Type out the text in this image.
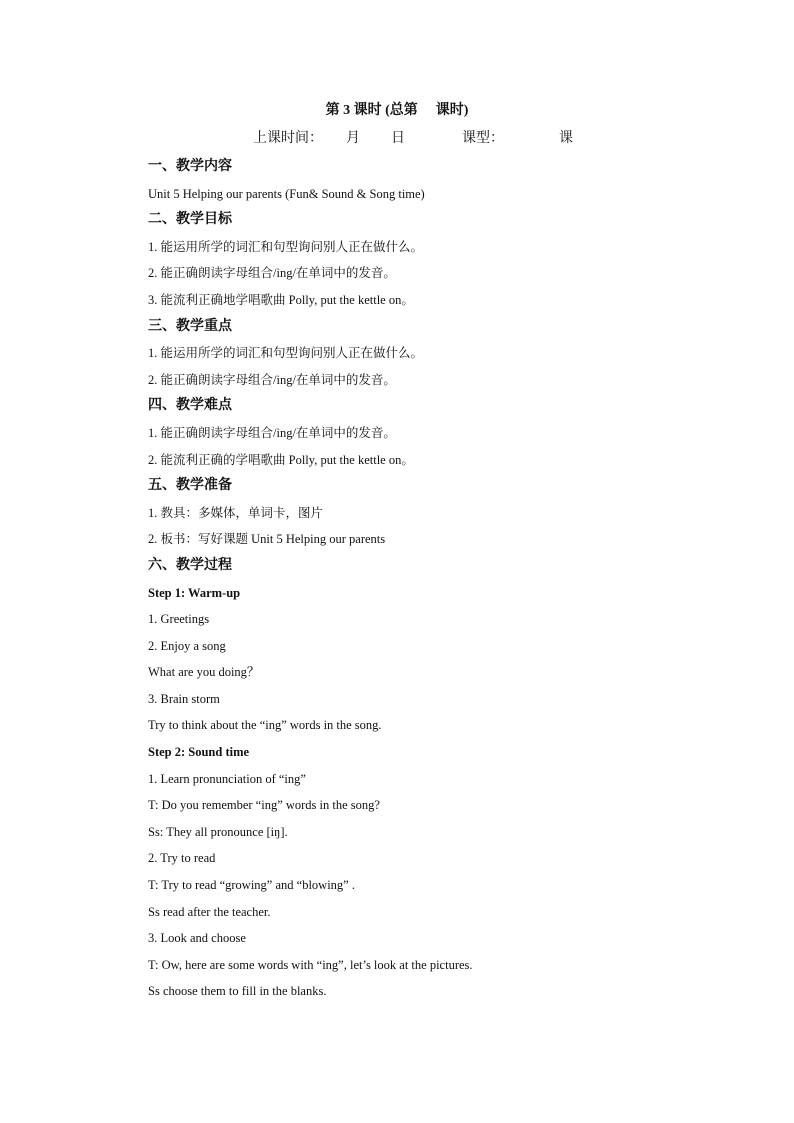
第 3 课时 (总第 课时)
上课时间： 月 日	课型：	课
一、教学内容
Unit 5 Helping our parents (Fun& Sound & Song time)
二、教学目标
1. 能运用所学的词汇和句型询问别人正在做什么。
2. 能正确朗读字母组合/ing/在单词中的发音。
3. 能流利正确地学唱歌曲 Polly, put the kettle on。
三、教学重点
1. 能运用所学的词汇和句型询问别人正在做什么。
2. 能正确朗读字母组合/ing/在单词中的发音。
四、教学难点
1. 能正确朗读字母组合/ing/在单词中的发音。
2. 能流利正确的学唱歌曲 Polly, put the kettle on。
五、教学准备
1. 教具：多媒体，单词卡，图片
2. 板书：写好课题 Unit 5 Helping our parents
六、教学过程
Step 1: Warm-up
1. Greetings
2. Enjoy a song
What are you doing？
3. Brain storm
Try to think about the “ing” words in the song.
Step 2: Sound time
1. Learn pronunciation of “ing”
T: Do you remember “ing” words in the song?
Ss: They all pronounce [iŋ].
2. Try to read
T: Try to read “growing” and “blowing” .
Ss read after the teacher.
3. Look and choose
T: Ow, here are some words with “ing”, let’s look at the pictures.
Ss choose them to fill in the blanks.
